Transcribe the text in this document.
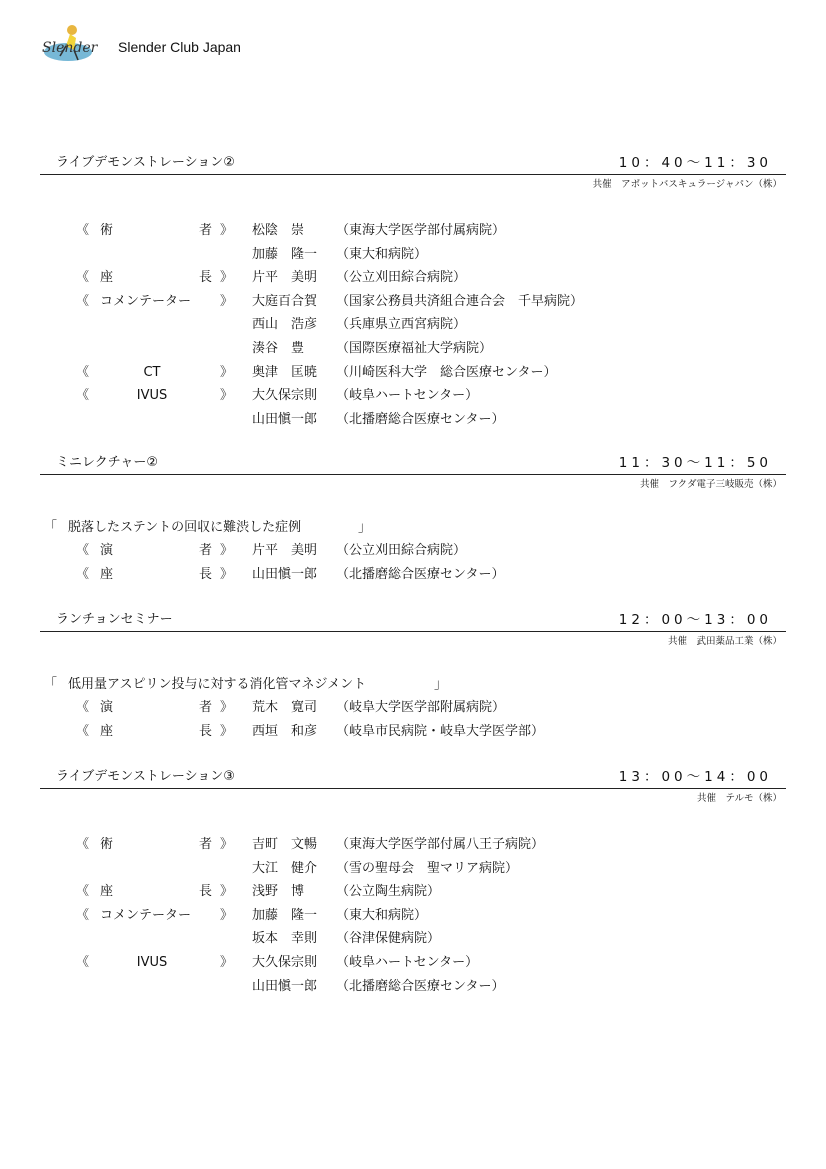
Slender Slender Club Japan
ライブデモンストレーション②	10：40〜11：30
共催　アボットバスキュラージャパン（株）
《 術	者 》 松陰　崇 （東海大学医学部付属病院）
加藤　隆一 （東大和病院）
《 座	長 》 片平　美明 （公立刈田綜合病院）
《 コメンテーター	》 大庭百合賀 （国家公務員共済組合連合会　千早病院）
西山　浩彦 （兵庫県立西宮病院）
湊谷　豊 （国際医療福祉大学病院）
《	CT	》 奥津　匡暁 （川崎医科大学　総合医療センター）
《	IVUS	》 大久保宗則 （岐阜ハートセンター）
山田愼一郎 （北播磨総合医療センター）
ミニレクチャー②	11：30〜11：50
共催　フクダ電子三岐販売（株）
「 脱落したステントの回収に難渋した症例	」
《 演	者 》 片平　美明 （公立刈田綜合病院）
《 座	長 》 山田愼一郎 （北播磨総合医療センター）
ランチョンセミナー	12：00〜13：00
共催　武田薬品工業（株）
「 低用量アスピリン投与に対する消化管マネジメント	」
《 演	者 》 荒木　寛司 （岐阜大学医学部附属病院）
《 座	長 》 西垣　和彦 （岐阜市民病院・岐阜大学医学部）
ライブデモンストレーション③	13：00〜14：00
共催　テルモ（株）
《 術	者 》 吉町　文暢 （東海大学医学部付属八王子病院）
大江　健介 （雪の聖母会　聖マリア病院）
《 座	長 》 浅野　博 （公立陶生病院）
《 コメンテーター	》 加藤　隆一 （東大和病院）
坂本　幸則 （谷津保健病院）
《	IVUS	》 大久保宗則 （岐阜ハートセンター）
山田愼一郎 （北播磨総合医療センター）
